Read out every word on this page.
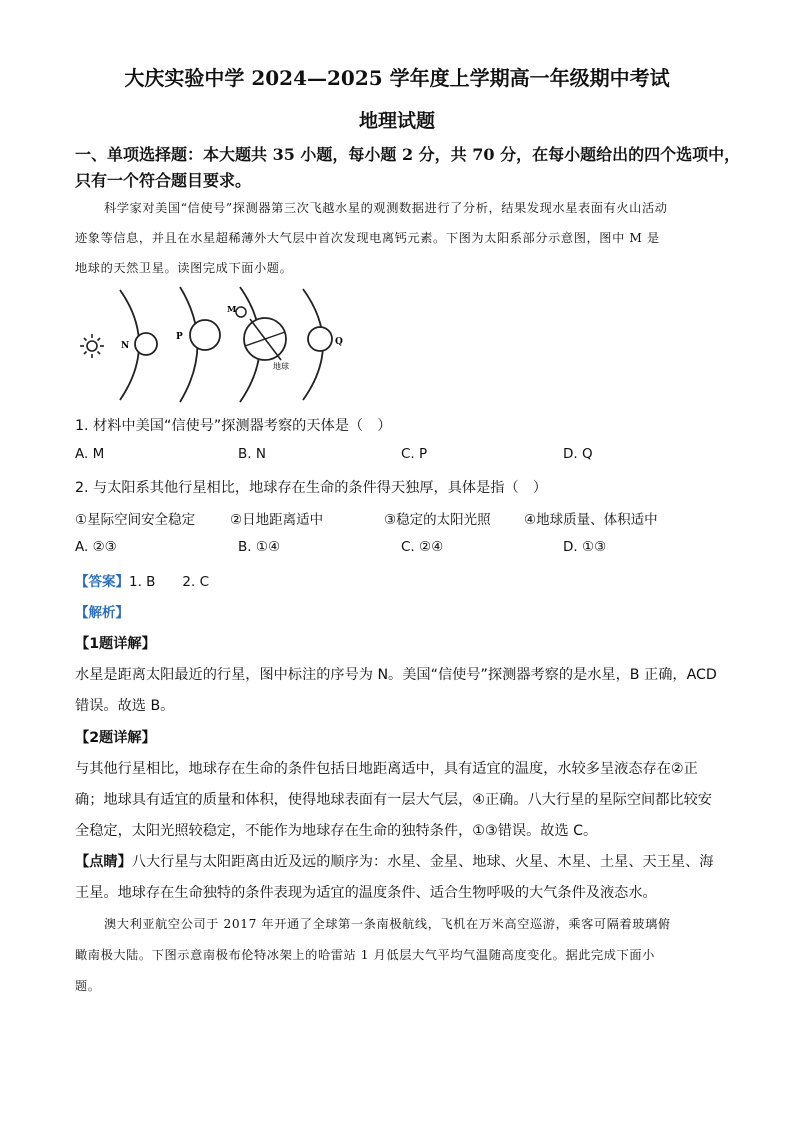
大庆实验中学 2024—2025 学年度上学期高一年级期中考试
地理试题
一、单项选择题：本大题共 35 小题，每小题 2 分，共 70 分，在每小题给出的四个选项中，
只有一个符合题目要求。
科学家对美国“信使号”探测器第三次飞越水星的观测数据进行了分析，结果发现水星表面有火山活动
迹象等信息，并且在水星超稀薄外大气层中首次发现电离钙元素。下图为太阳系部分示意图，图中 M 是
地球的天然卫星。读图完成下面小题。
N
P
M
地球
Q
1. 材料中美国“信使号”探测器考察的天体是（　）
A. M	B. N	C. P	D. Q
2. 与太阳系其他行星相比，地球存在生命的条件得天独厚，具体是指（　）
①星际空间安全稳定	②日地距离适中	③稳定的太阳光照 ④地球质量、体积适中
A. ②③	B. ①④	C. ②④	D. ①③
【答案】1. B　　2. C
【解析】
【1题详解】
水星是距离太阳最近的行星，图中标注的序号为 N。美国“信使号”探测器考察的是水星，B 正确，ACD
错误。故选 B。
【2题详解】
与其他行星相比，地球存在生命的条件包括日地距离适中，具有适宜的温度，水较多呈液态存在②正
确；地球具有适宜的质量和体积，使得地球表面有一层大气层，④正确。八大行星的星际空间都比较安
全稳定，太阳光照较稳定，不能作为地球存在生命的独特条件，①③错误。故选 C。
【点睛】八大行星与太阳距离由近及远的顺序为：水星、金星、地球、火星、木星、土星、天王星、海
王星。地球存在生命独特的条件表现为适宜的温度条件、适合生物呼吸的大气条件及液态水。
澳大利亚航空公司于 2017 年开通了全球第一条南极航线，飞机在万米高空巡游，乘客可隔着玻璃俯
瞰南极大陆。下图示意南极布伦特冰架上的哈雷站 1 月低层大气平均气温随高度变化。据此完成下面小
题。
